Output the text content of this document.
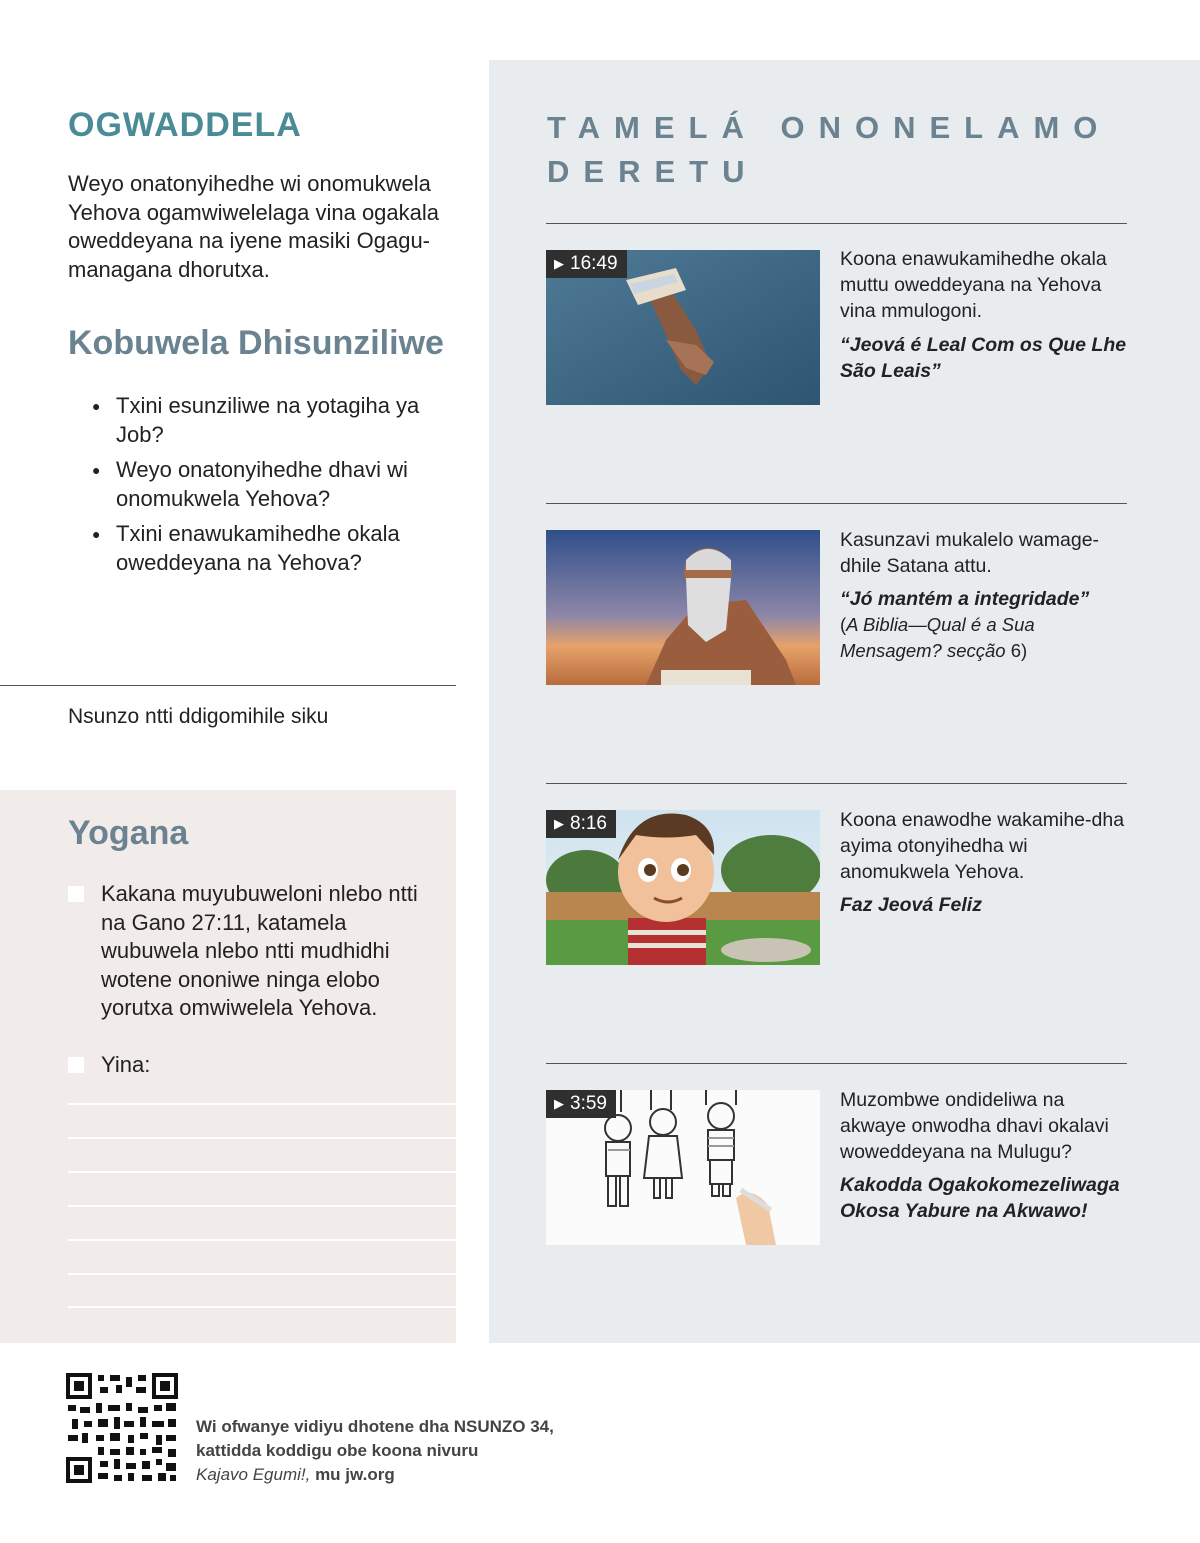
OGWADDELA
Weyo onatonyihedhe wi onomukwela Yehova ogamwiwelelaga vina ogakala oweddeyana na iyene masiki Ogagu-managana dhorutxa.
Kobuwela Dhisunziliwe
● Txini esunziliwe na yotagiha ya Job?
● Weyo onatonyihedhe dhavi wi onomukwela Yehova?
● Txini enawukamihedhe okala oweddeyana na Yehova?
Nsunzo ntti ddigomihile siku
Yogana
Kakana muyubuweloni nlebo ntti na Gano 27:11, katamela wubuwela nlebo ntti mudhidhi wotene ononiwe ninga elobo yorutxa omwiwelela Yehova.
Yina:
TAMELÁ ONONELAMO DERETU
▶ 16:49	Koona enawukamihedhe okala muttu oweddeyana na Yehova vina mmulogoni.
“Jeová é Leal Com os Que Lhe São Leais”
Kasunzavi mukalelo wamage-dhile Satana attu.
“Jó mantém a integridade”
(A Biblia—Qual é a Sua Mensagem? secção 6)
▶ 8:16	Koona enawodhe wakamihe-dha ayima otonyihedha wi anomukwela Yehova.
Faz Jeová Feliz
▶ 3:59	Muzombwe ondideliwa na akwaye onwodha dhavi okalavi woweddeyana na Mulugu?
Kakodda Ogakokomezeliwaga Okosa Yabure na Akwawo!
Wi ofwanye vidiyu dhotene dha NSUNZO 34,
kattidda koddigu obe koona nivuru
Kajavo Egumi!, mu jw.org
